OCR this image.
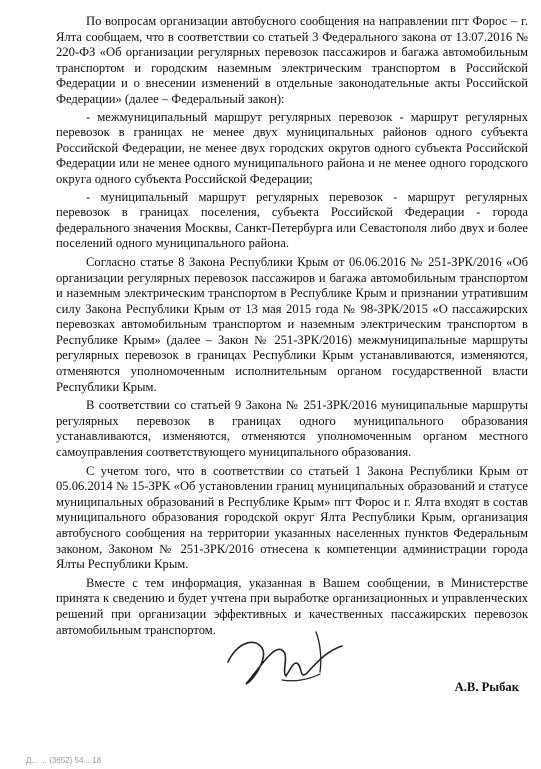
По вопросам организации автобусного сообщения на направлении пгт Форос – г. Ялта сообщаем, что в соответствии со статьей 3 Федерального закона от 13.07.2016 № 220-ФЗ «Об организации регулярных перевозок пассажиров и багажа автомобильным транспортом и городским наземным электрическим транспортом в Российской Федерации и о внесении изменений в отдельные законодательные акты Российской Федерации» (далее – Федеральный закон):

- межмуниципальный маршрут регулярных перевозок - маршрут регулярных перевозок в границах не менее двух муниципальных районов одного субъекта Российской Федерации, не менее двух городских округов одного субъекта Российской Федерации или не менее одного муниципального района и не менее одного городского округа одного субъекта Российской Федерации;

- муниципальный маршрут регулярных перевозок - маршрут регулярных перевозок в границах поселения, субъекта Российской Федерации - города федерального значения Москвы, Санкт-Петербурга или Севастополя либо двух и более поселений одного муниципального района.

Согласно статье 8 Закона Республики Крым от 06.06.2016 № 251-ЗРК/2016 «Об организации регулярных перевозок пассажиров и багажа автомобильным транспортом и наземным электрическим транспортом в Республике Крым и признании утратившим силу Закона Республики Крым от 13 мая 2015 года № 98-ЗРК/2015 «О пассажирских перевозках автомобильным транспортом и наземным электрическим транспортом в Республике Крым» (далее – Закон № 251-ЗРК/2016) межмуниципальные маршруты регулярных перевозок в границах Республики Крым устанавливаются, изменяются, отменяются уполномоченным исполнительным органом государственной власти Республики Крым.

В соответствии со статьей 9 Закона № 251-ЗРК/2016 муниципальные маршруты регулярных перевозок в границах одного муниципального образования устанавливаются, изменяются, отменяются уполномоченным органом местного самоуправления соответствующего муниципального образования.

С учетом того, что в соответствии со статьей 1 Закона Республики Крым от 05.06.2014 № 15-ЗРК «Об установлении границ муниципальных образований и статусе муниципальных образований в Республике Крым» пгт Форос и г. Ялта входят в состав муниципального образования городской округ Ялта Республики Крым, организация автобусного сообщения на территории указанных населенных пунктов Федеральным законом, Законом № 251-ЗРК/2016 отнесена к компетенции администрации города Ялты Республики Крым.

Вместе с тем информация, указанная в Вашем сообщении, в Министерстве принята к сведению и будет учтена при выработке организационных и управленческих решений при организации эффективных и качественных пассажирских перевозок автомобильным транспортом.

А.В. Рыбак
Д... ... (3652) 54... 18
